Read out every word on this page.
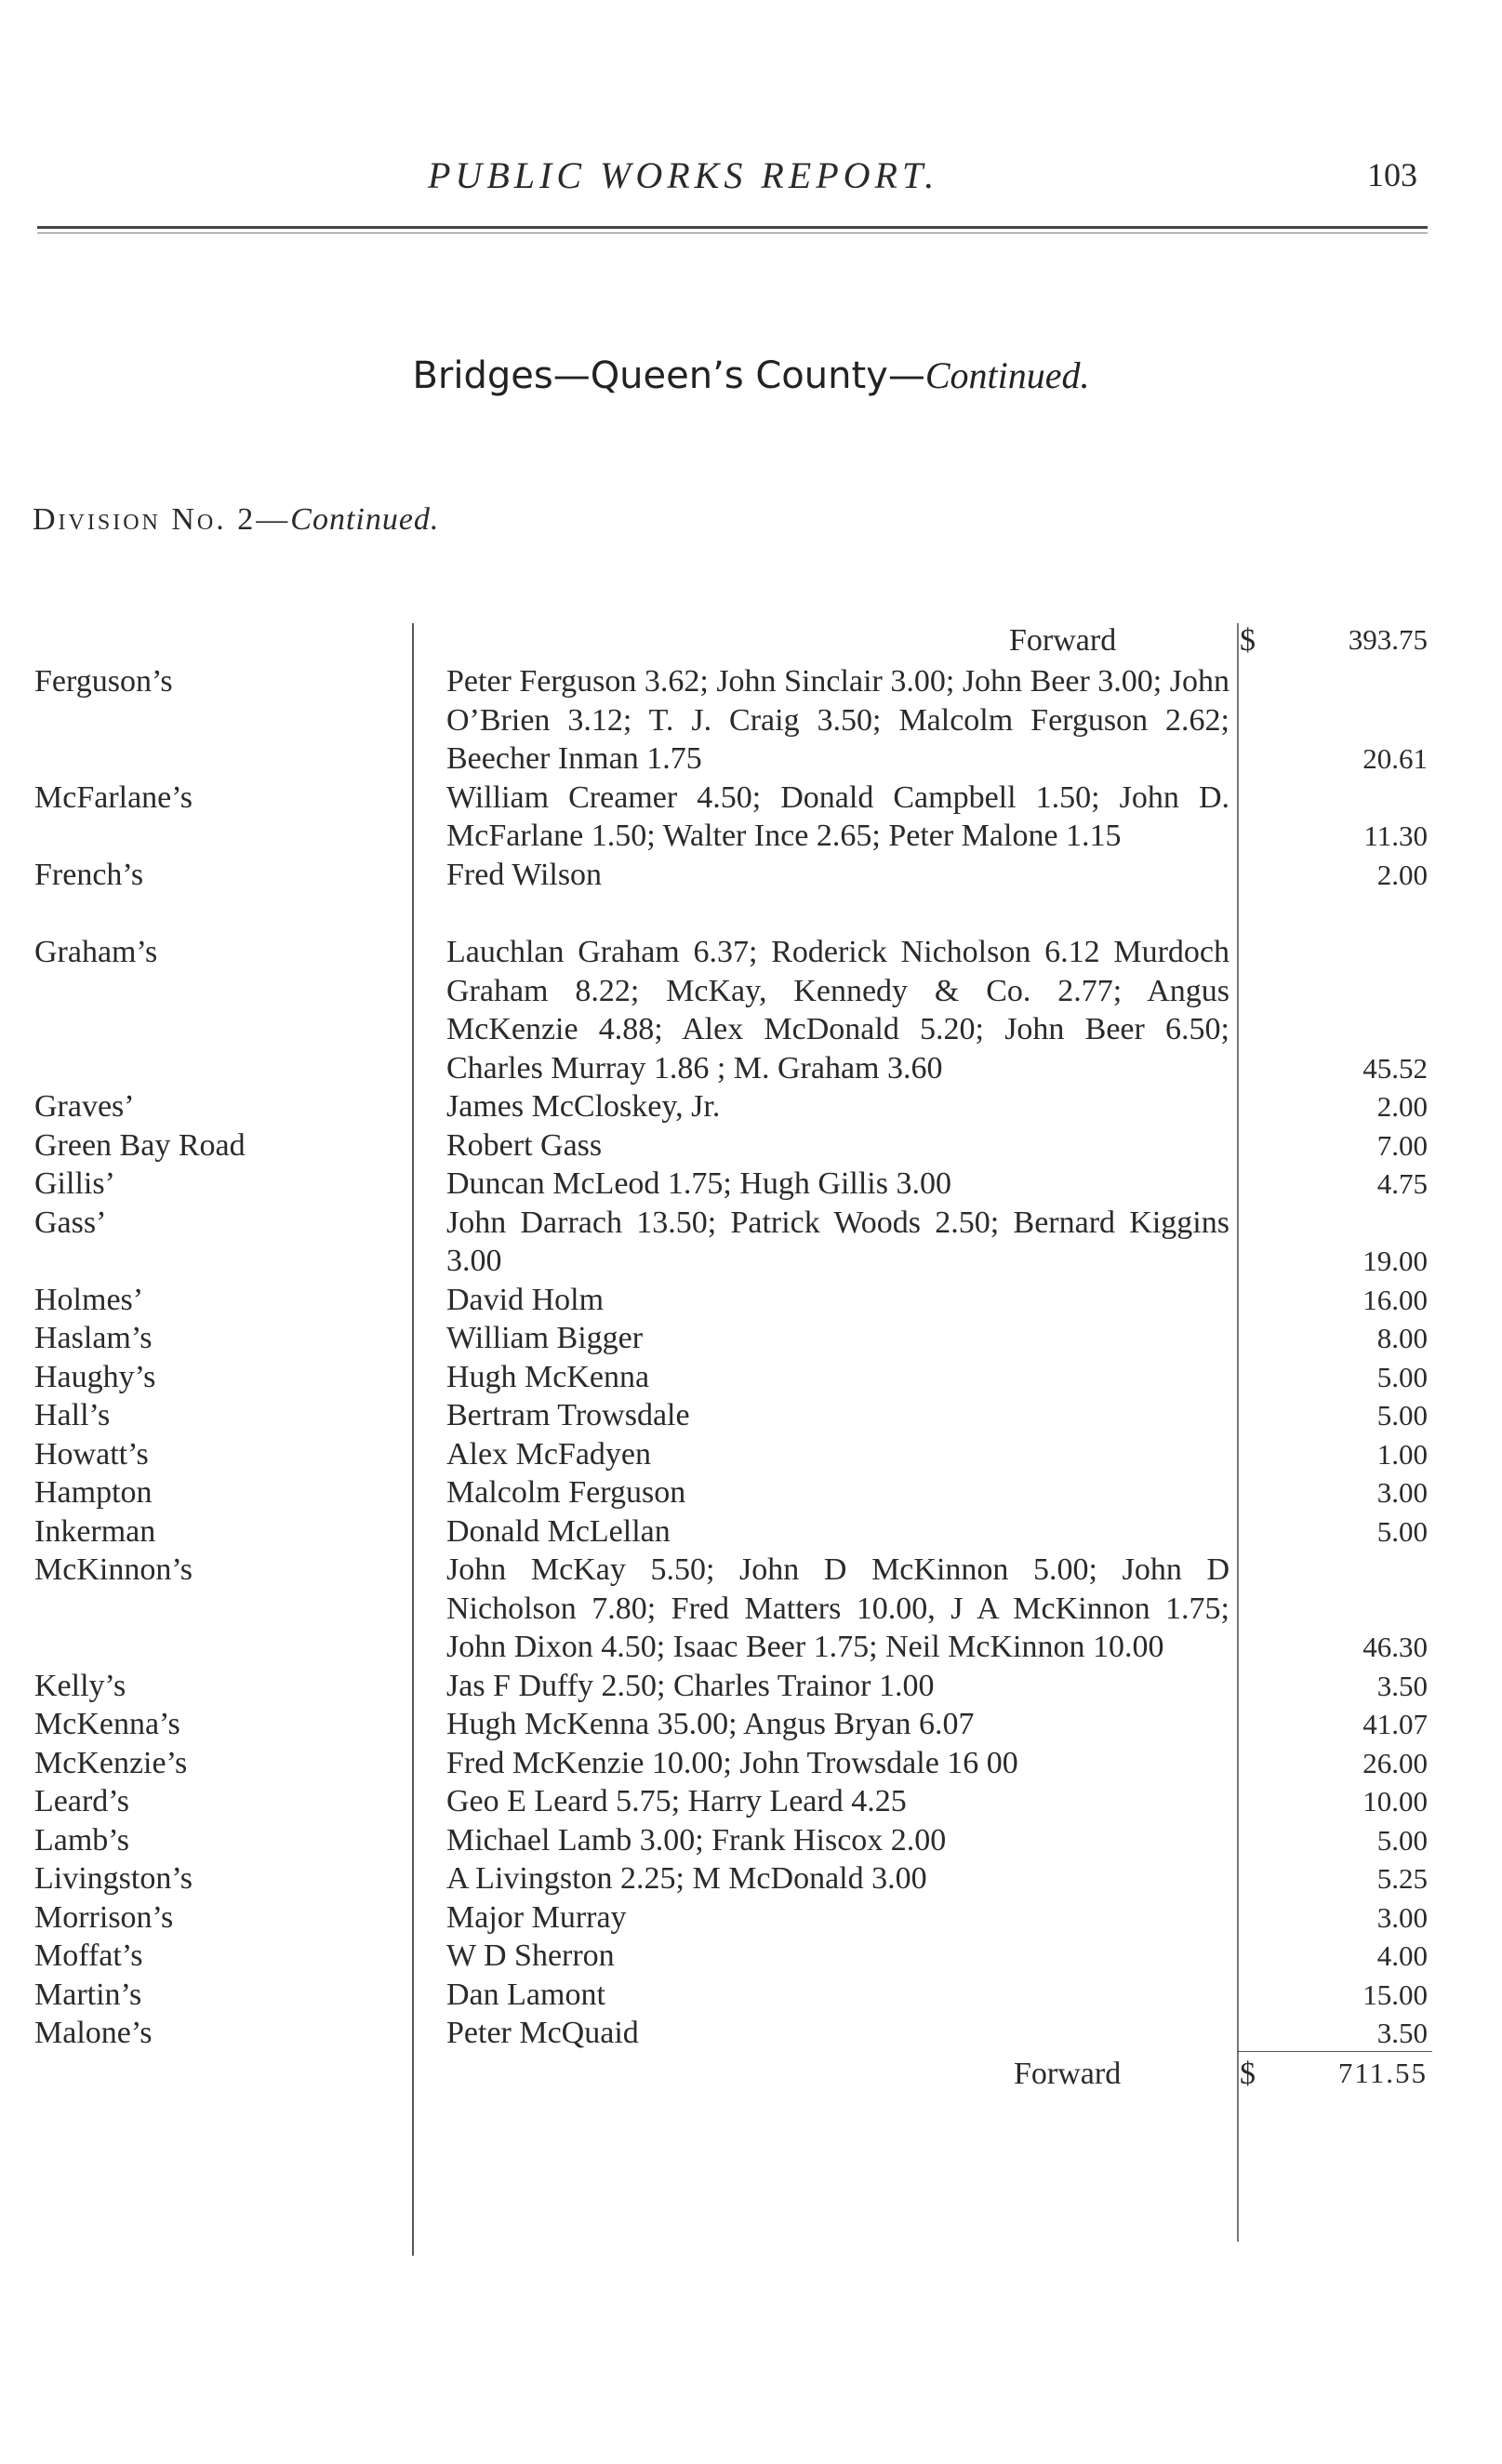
PUBLIC WORKS REPORT.	103
Bridges—Queen’s County—Continued.
Division No. 2—Continued.
Forward	$	393.75
Ferguson’s	Peter Ferguson 3.62; John Sinclair 3.00; John Beer 3.00; John O’Brien 3.12; T. J. Craig 3.50; Malcolm Ferguson 2.62; Beecher Inman 1.75	20.61
McFarlane’s	William Creamer 4.50; Donald Campbell 1.50; John D. McFarlane 1.50; Walter Ince 2.65; Peter Malone 1.15	11.30
French’s	Fred Wilson	2.00
Graham’s	Lauchlan Graham 6.37; Roderick Nicholson 6.12 Murdoch Graham 8.22; McKay, Kennedy & Co. 2.77; Angus McKenzie 4.88; Alex McDonald 5.20; John Beer 6.50; Charles Murray 1.86 ; M. Graham 3.60	45.52
Graves’	James McCloskey, Jr.	2.00
Green Bay Road	Robert Gass	7.00
Gillis’	Duncan McLeod 1.75; Hugh Gillis 3.00	4.75
Gass’	John Darrach 13.50; Patrick Woods 2.50; Bernard Kiggins 3.00	19.00
Holmes’	David Holm	16.00
Haslam’s	William Bigger	8.00
Haughy’s	Hugh McKenna	5.00
Hall’s	Bertram Trowsdale	5.00
Howatt’s	Alex McFadyen	1.00
Hampton	Malcolm Ferguson	3.00
Inkerman	Donald McLellan	5.00
McKinnon’s	John McKay 5.50; John D McKinnon 5.00; John D Nicholson 7.80; Fred Matters 10.00, J A McKinnon 1.75; John Dixon 4.50; Isaac Beer 1.75; Neil McKinnon 10.00	46.30
Kelly’s	Jas F Duffy 2.50; Charles Trainor 1.00	3.50
McKenna’s	Hugh McKenna 35.00; Angus Bryan 6.07	41.07
McKenzie’s	Fred McKenzie 10.00; John Trowsdale 16 00	26.00
Leard’s	Geo E Leard 5.75; Harry Leard 4.25	10.00
Lamb’s	Michael Lamb 3.00; Frank Hiscox 2.00	5.00
Livingston’s	A Livingston 2.25; M McDonald 3.00	5.25
Morrison’s	Major Murray	3.00
Moffat’s	W D Sherron	4.00
Martin’s	Dan Lamont	15.00
Malone’s	Peter McQuaid	3.50
Forward	$	711.55
